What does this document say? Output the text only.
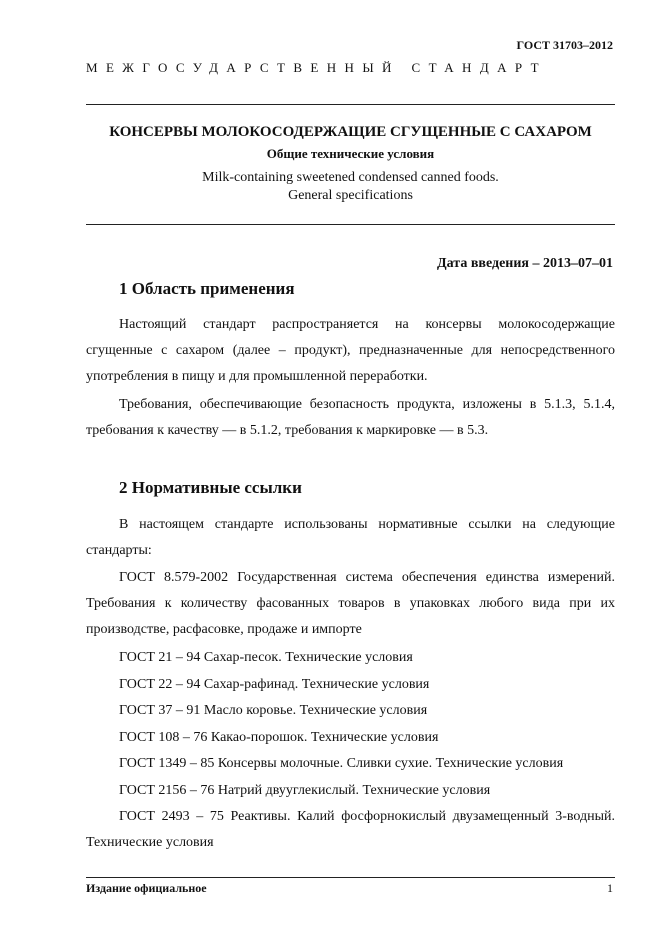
ГОСТ 31703–2012
МЕЖГОСУДАРСТВЕННЫЙ СТАНДАРТ
КОНСЕРВЫ МОЛОКОСОДЕРЖАЩИЕ СГУЩЕННЫЕ С САХАРОМ
Общие технические условия
Milk-containing sweetened condensed canned foods.
General specifications
Дата введения – 2013–07–01
1 Область применения
Настоящий стандарт распространяется на консервы молокосодержащие сгущенные с сахаром (далее – продукт), предназначенные для непосредственного употребления в пищу и для промышленной переработки.
Требования, обеспечивающие безопасность продукта, изложены в 5.1.3, 5.1.4, требования к качеству — в 5.1.2, требования к маркировке — в 5.3.
2 Нормативные ссылки
В настоящем стандарте использованы нормативные ссылки на следующие стандарты:
ГОСТ 8.579-2002 Государственная система обеспечения единства измерений. Требования к количеству фасованных товаров в упаковках любого вида при их производстве, расфасовке, продаже и импорте
ГОСТ 21 – 94 Сахар-песок. Технические условия
ГОСТ 22 – 94 Сахар-рафинад. Технические условия
ГОСТ 37 – 91 Масло коровье. Технические условия
ГОСТ 108 – 76 Какао-порошок. Технические условия
ГОСТ 1349 – 85 Консервы молочные. Сливки сухие. Технические условия
ГОСТ 2156 – 76 Натрий двууглекислый. Технические условия
ГОСТ 2493 – 75 Реактивы. Калий фосфорнокислый двузамещенный 3-водный. Технические условия
Издание официальное	1
